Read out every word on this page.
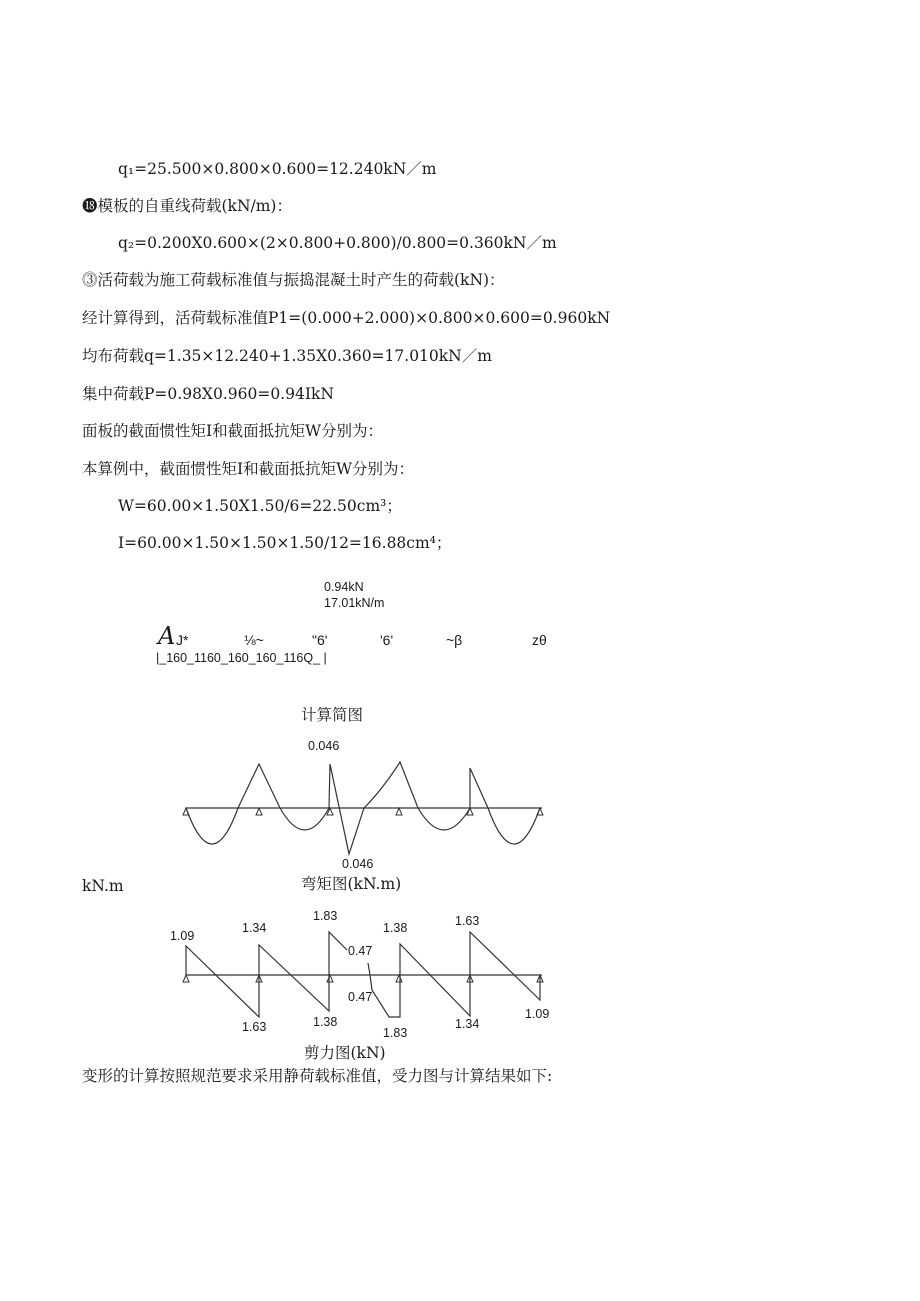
q₁=25.500×0.800×0.600=12.240kN／m
⓲模板的自重线荷载(kN/m)：
q₂=0.200X0.600×(2×0.800+0.800)/0.800=0.360kN／m
⓷活荷载为施工荷载标准值与振捣混凝土时产生的荷载(kN)：
经计算得到，活荷载标准值P1=(0.000+2.000)×0.800×0.600=0.960kN
均布荷载q=1.35×12.240+1.35X0.360=17.010kN／m
集中荷载P=0.98X0.960=0.94IkN
面板的截面惯性矩I和截面抵抗矩W分别为：
本算例中，截面惯性矩I和截面抵抗矩W分别为：
W=60.00×1.50X1.50/6=22.50cm³；
I=60.00×1.50×1.50×1.50/12=16.88cm⁴；
kN.m
变形的计算按照规范要求采用静荷载标准值，受力图与计算结果如下:
0.94kN
17.01kN/m
A J*	⅛~	"6'	'6'	~β	zθ
|_160_1160_160_160_116Q_ |
计算简图
0.046
0.046
弯矩图(kN.m)
1.09
1.34
1.83
0.47
1.38	1.63
1.63	1.38
0.47
1.83
1.34
1.09
剪力图(kN)
